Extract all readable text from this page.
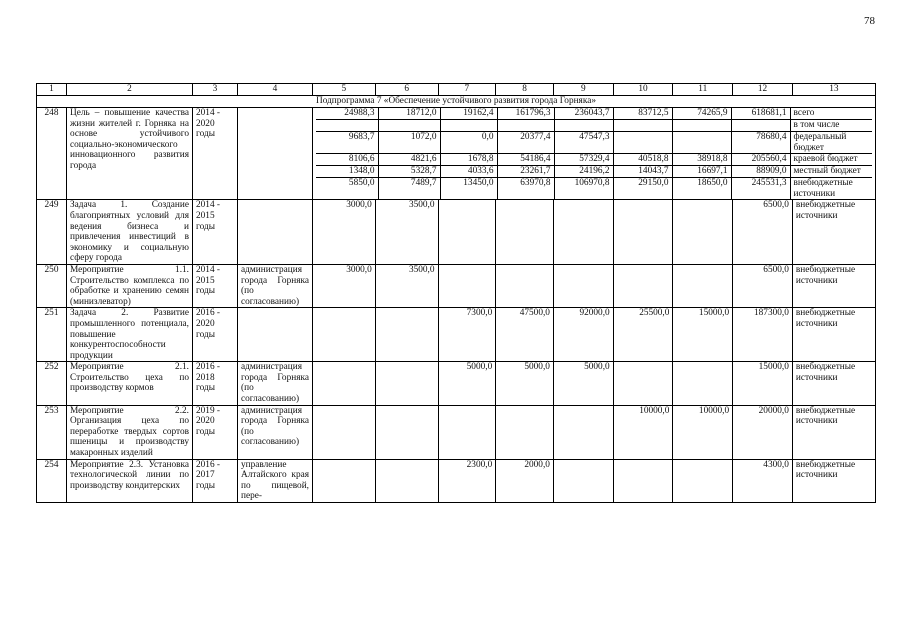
78
1	2	3	4	5	6	7	8	9	10	11	12	13
Подпрограмма 7 «Обеспечение устойчивого развития города Горняка»
248	Цель – повышение качества жизни жителей г. Горняка на основе устойчивого социально-экономического инновационного развития города	2014 - 2020 годы		
24988,3	18712,0	19162,4	161796,3	236043,7	83712,5	74265,9	618681,1	всего
								в том числе
9683,7	1072,0	0,0	20377,4	47547,3			78680,4	федеральный бюджет
8106,6	4821,6	1678,8	54186,4	57329,4	40518,8	38918,8	205560,4	краевой бюджет
1348,0	5328,7	4033,6	23261,7	24196,2	14043,7	16697,1	88909,0	местный бюджет
5850,0	7489,7	13450,0	63970,8	106970,8	29150,0	18650,0	245531,3	внебюджетные источники

249	Задача 1. Создание благоприятных условий для ведения бизнеса и привлечения инвестиций в экономику и социальную сферу города	2014 - 2015 годы		3000,0	3500,0						6500,0	внебюджетные источники
250	Мероприятие 1.1. Строительство комплекса по обработке и хранению семян (минизлеватор)	2014 - 2015 годы	администрация города Горняка (по согласованию)	3000,0	3500,0						6500,0	внебюджетные источники
251	Задача 2. Развитие промышленного потенциала, повышение конкурентоспособности продукции	2016 - 2020 годы				7300,0	47500,0	92000,0	25500,0	15000,0	187300,0	внебюджетные источники
252	Мероприятие 2.1. Строительство цеха по производству кормов	2016 - 2018 годы	администрация города Горняка (по согласованию)			5000,0	5000,0	5000,0			15000,0	внебюджетные источники
253	Мероприятие 2.2. Организация цеха по переработке твердых сортов пшеницы и производству макаронных изделий	2019 - 2020 годы	администрация города Горняка (по согласованию)						10000,0	10000,0	20000,0	внебюджетные источники
254	Мероприятие 2.3. Установка технологической линии по производству кондитерских	2016 - 2017 годы	управление Алтайского края по пищевой, пере-			2300,0	2000,0				4300,0	внебюджетные источники
